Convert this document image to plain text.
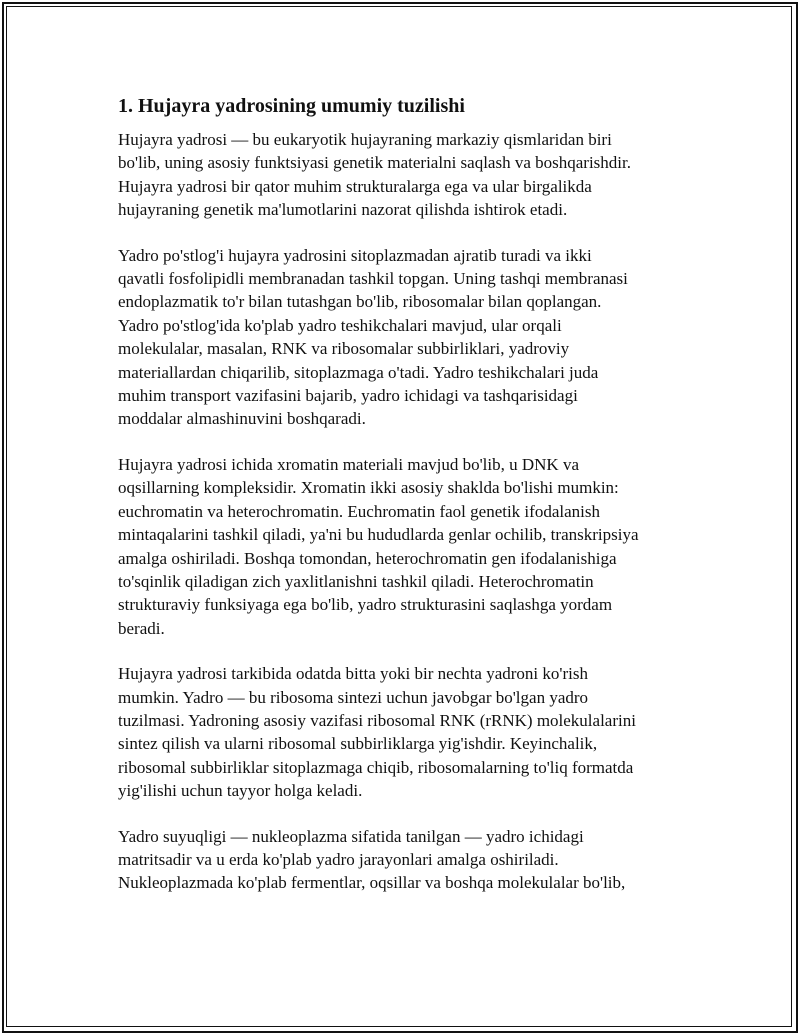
1. Hujayra yadrosining umumiy tuzilishi

Hujayra yadrosi — bu eukaryotik hujayraning markaziy qismlaridan biri
bo'lib, uning asosiy funktsiyasi genetik materialni saqlash va boshqarishdir.
Hujayra yadrosi bir qator muhim strukturalarga ega va ular birgalikda
hujayraning genetik ma'lumotlarini nazorat qilishda ishtirok etadi.

Yadro po'stlog'i hujayra yadrosini sitoplazmadan ajratib turadi va ikki
qavatli fosfolipidli membranadan tashkil topgan. Uning tashqi membranasi
endoplazmatik to'r bilan tutashgan bo'lib, ribosomalar bilan qoplangan.
Yadro po'stlog'ida ko'plab yadro teshikchalari mavjud, ular orqali
molekulalar, masalan, RNK va ribosomalar subbirliklari, yadroviy
materiallardan chiqarilib, sitoplazmaga o'tadi. Yadro teshikchalari juda
muhim transport vazifasini bajarib, yadro ichidagi va tashqarisidagi
moddalar almashinuvini boshqaradi.

Hujayra yadrosi ichida xromatin materiali mavjud bo'lib, u DNK va
oqsillarning kompleksidir. Xromatin ikki asosiy shaklda bo'lishi mumkin:
euchromatin va heterochromatin. Euchromatin faol genetik ifodalanish
mintaqalarini tashkil qiladi, ya'ni bu hududlarda genlar ochilib, transkripsiya
amalga oshiriladi. Boshqa tomondan, heterochromatin gen ifodalanishiga
to'sqinlik qiladigan zich yaxlitlanishni tashkil qiladi. Heterochromatin
strukturaviy funksiyaga ega bo'lib, yadro strukturasini saqlashga yordam
beradi.

Hujayra yadrosi tarkibida odatda bitta yoki bir nechta yadroni ko'rish
mumkin. Yadro — bu ribosoma sintezi uchun javobgar bo'lgan yadro
tuzilmasi. Yadroning asosiy vazifasi ribosomal RNK (rRNK) molekulalarini
sintez qilish va ularni ribosomal subbirliklarga yig'ishdir. Keyinchalik,
ribosomal subbirliklar sitoplazmaga chiqib, ribosomalarning to'liq formatda
yig'ilishi uchun tayyor holga keladi.

Yadro suyuqligi — nukleoplazma sifatida tanilgan — yadro ichidagi
matritsadir va u erda ko'plab yadro jarayonlari amalga oshiriladi.
Nukleoplazmada ko'plab fermentlar, oqsillar va boshqa molekulalar bo'lib,
